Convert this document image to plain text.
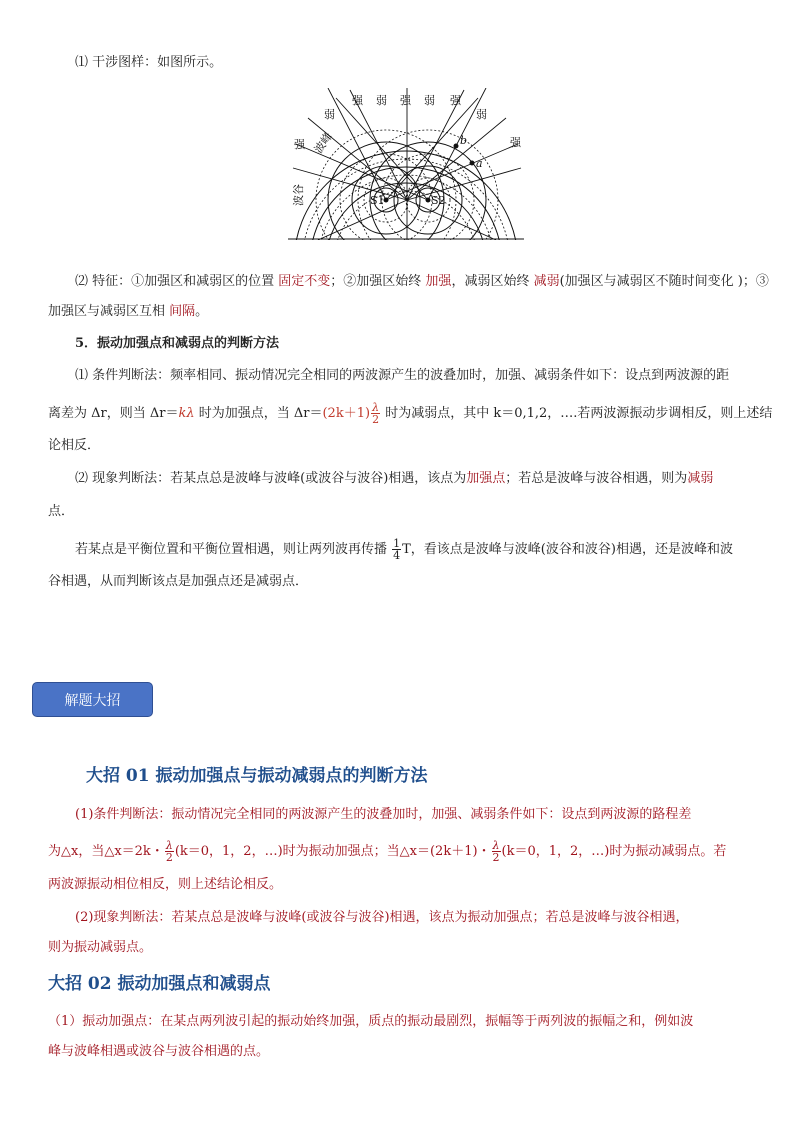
⑴ 干涉图样：如图所示。
强 弱 强 弱 强
弱	弱
强	强
波峰
波谷
b
a
S1	S2
⑵ 特征：①加强区和减弱区的位置 固定不变；②加强区始终 加强，减弱区始终 减弱(加强区与减弱区不随时间变化 )；③
加强区与减弱区互相 间隔。
5．振动加强点和减弱点的判断方法
⑴ 条件判断法：频率相同、振动情况完全相同的两波源产生的波叠加时，加强、减弱条件如下：设点到两波源的距
离差为 Δr，则当 Δr＝kλ 时为加强点，当 $\Delta r=(2k+1) \frac{\lambda}{2}$ 时为减弱点，其中 k＝0,1,2，….若两波源振动步调相反，则上述结
论相反．
⑵ 现象判断法：若某点总是波峰与波峰(或波谷与波谷)相遇，该点为加强点；若总是波峰与波谷相遇，则为减弱
点．
若某点是平衡位置和平衡位置相遇，则让两列波再传播 $\frac{1}{4}$ T，看该点是波峰与波峰(波谷和波谷)相遇，还是波峰和波
谷相遇，从而判断该点是加强点还是减弱点．
解题大招
大招 01 振动加强点与振动减弱点的判断方法
(1)条件判断法：振动情况完全相同的两波源产生的波叠加时，加强、减弱条件如下：设点到两波源的路程差
为△x，当△x＝2k・ $\frac{\lambda}{2} (k=0$，1，2，…)时为振动加强点；当△x＝(2k＋1)・ $\frac{\lambda}{2} (k=0$，1，2，…)时为振动减弱点。若
两波源振动相位相反，则上述结论相反。
(2)现象判断法：若某点总是波峰与波峰(或波谷与波谷)相遇，该点为振动加强点；若总是波峰与波谷相遇，
则为振动减弱点。
大招 02 振动加强点和减弱点
（1）振动加强点：在某点两列波引起的振动始终加强，质点的振动最剧烈，振幅等于两列波的振幅之和，例如波
峰与波峰相遇或波谷与波谷相遇的点。
